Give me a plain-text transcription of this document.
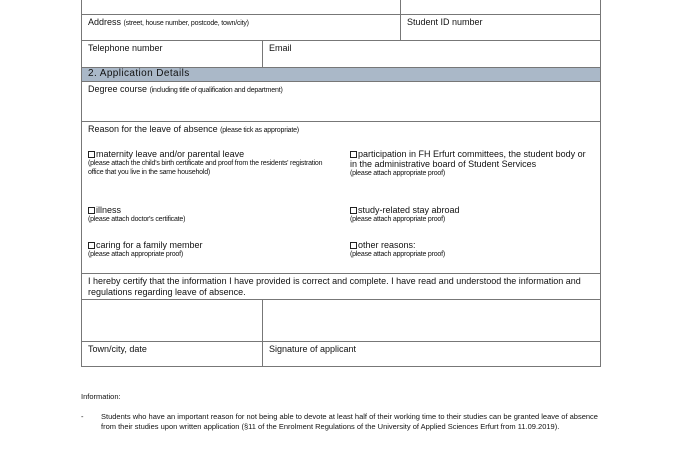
Address (street, house number, postcode, town/city)	Student ID number
Telephone number	Email
2. Application Details
Degree course (including title of qualification and department)
Reason for the leave of absence (please tick as appropriate)
maternity leave and/or parental leave
(please attach the child's birth certificate and proof from the residents' registration office that you live in the same household)
participation in FH Erfurt committees, the student body or in the administrative board of Student Services
(please attach appropriate proof)
illness
(please attach doctor's certificate)
study-related stay abroad
(please attach appropriate proof)
caring for a family member
(please attach appropriate proof)
other reasons:
(please attach appropriate proof)
I hereby certify that the information I have provided is correct and complete. I have read and understood the information and regulations regarding leave of absence.
Town/city, date	Signature of applicant
Information:
- Students who have an important reason for not being able to devote at least half of their working time to their studies can be granted leave of absence from their studies upon written application (§11 of the Enrolment Regulations of the University of Applied Sciences Erfurt from 11.09.2019).
